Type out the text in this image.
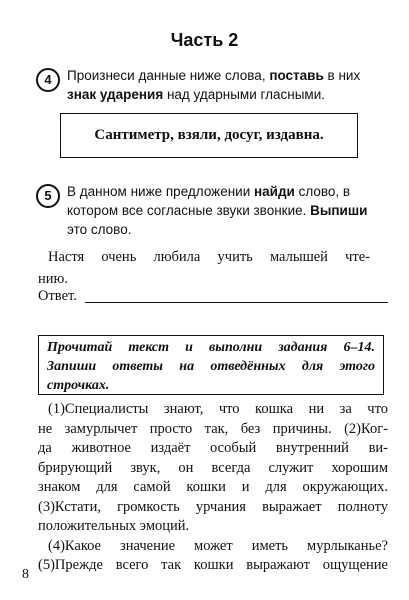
Часть 2
4	Произнеси данные ниже слова, поставь в них
знак ударения над ударными гласными.
Сантиметр, взяли, досуг, издавна.
5	В данном ниже предложении найди слово, в
котором все согласные звуки звонкие. Выпиши
это слово.
Настя очень любила учить малышей чте-
нию.
Ответ.
Прочитай текст и выполни задания 6–14.
Запиши ответы на отведённых для этого
строчках.
(1)Специалисты знают, что кошка ни за что
не замурлычет просто так, без причины. (2)Ког-
да животное издаёт особый внутренний ви-
брирующий звук, он всегда служит хорошим
знаком для самой кошки и для окружающих.
(3)Кстати, громкость урчания выражает полноту
положительных эмоций.
(4)Какое значение может иметь мурлыканье?
(5)Прежде всего так кошки выражают ощущение
8
